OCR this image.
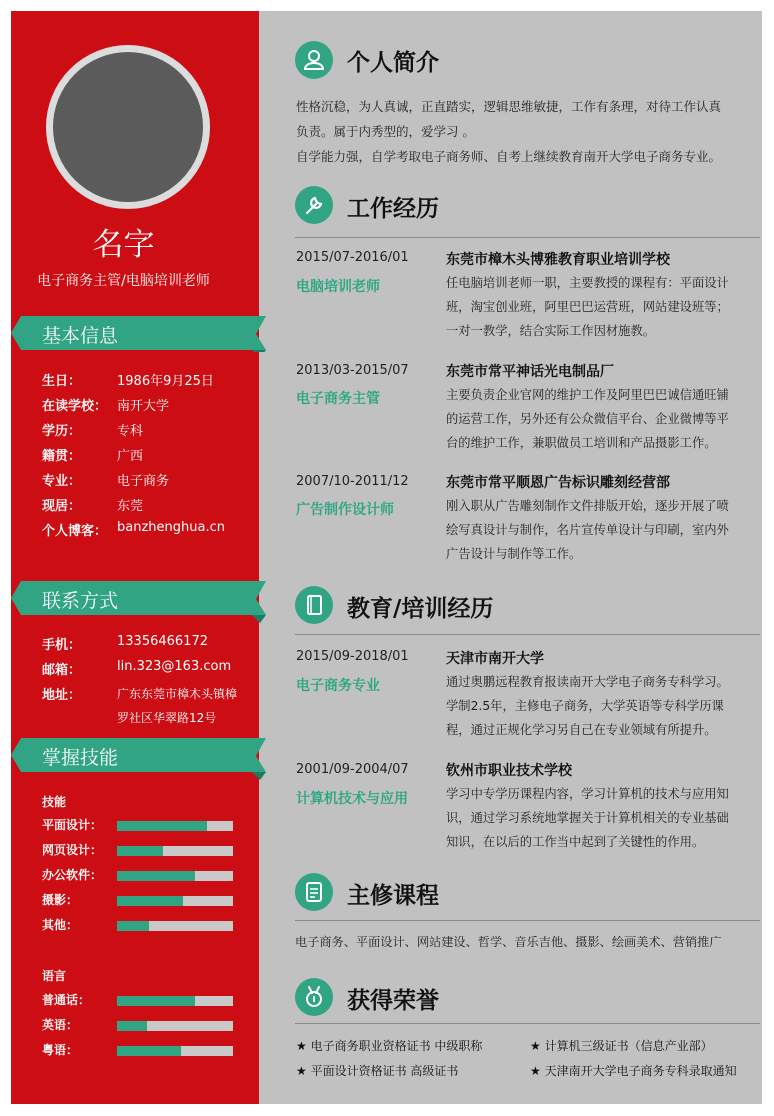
名字
电子商务主管/电脑培训老师
基本信息
生日：	1986年9月25日
在读学校： 南开大学
学历：	专科
籍贯：	广西
专业：	电子商务
现居：	东莞
个人博客： banzhenghua.cn
联系方式
手机：	13356466172
邮箱：	lin.323@163.com
地址：	广东东莞市樟木头镇樟
罗社区华翠路12号
掌握技能
技能
平面设计：
网页设计：
办公软件：
摄影：
其他：
语言
普通话：
英语：
粤语：
个人简介
性格沉稳，为人真诚，正直踏实，逻辑思维敏捷，工作有条理，对待工作认真
负责。属于内秀型的，爱学习 。
自学能力强，自学考取电子商务师、自考上继续教育南开大学电子商务专业。
工作经历
2015/07-2016/01
电脑培训老师
东莞市樟木头博雅教育职业培训学校
任电脑培训老师一职，主要教授的课程有：平面设计
班，淘宝创业班，阿里巴巴运营班，网站建设班等；
一对一教学，结合实际工作因材施教。
2013/03-2015/07
电子商务主管
东莞市常平神话光电制品厂
主要负责企业官网的维护工作及阿里巴巴诚信通旺铺
的运营工作，另外还有公众微信平台、企业微博等平
台的维护工作，兼职做员工培训和产品摄影工作。
2007/10-2011/12
广告制作设计师
东莞市常平顺恩广告标识雕刻经营部
刚入职从广告雕刻制作文件排版开始，逐步开展了喷
绘写真设计与制作，名片宣传单设计与印刷，室内外
广告设计与制作等工作。
教育/培训经历
2015/09-2018/01
电子商务专业
天津市南开大学
通过奥鹏远程教育报读南开大学电子商务专科学习。
学制2.5年，主修电子商务，大学英语等专科学历课
程，通过正规化学习另自己在专业领域有所提升。
2001/09-2004/07
计算机技术与应用
钦州市职业技术学校
学习中专学历课程内容，学习计算机的技术与应用知
识，通过学习系统地掌握关于计算机相关的专业基础
知识，在以后的工作当中起到了关键性的作用。
主修课程
电子商务、平面设计、网站建设、哲学、音乐吉他、摄影、绘画美术、营销推广
获得荣誉
★ 电子商务职业资格证书 中级职称	★ 计算机三级证书（信息产业部）
★ 平面设计资格证书 高级证书	★ 天津南开大学电子商务专科录取通知
